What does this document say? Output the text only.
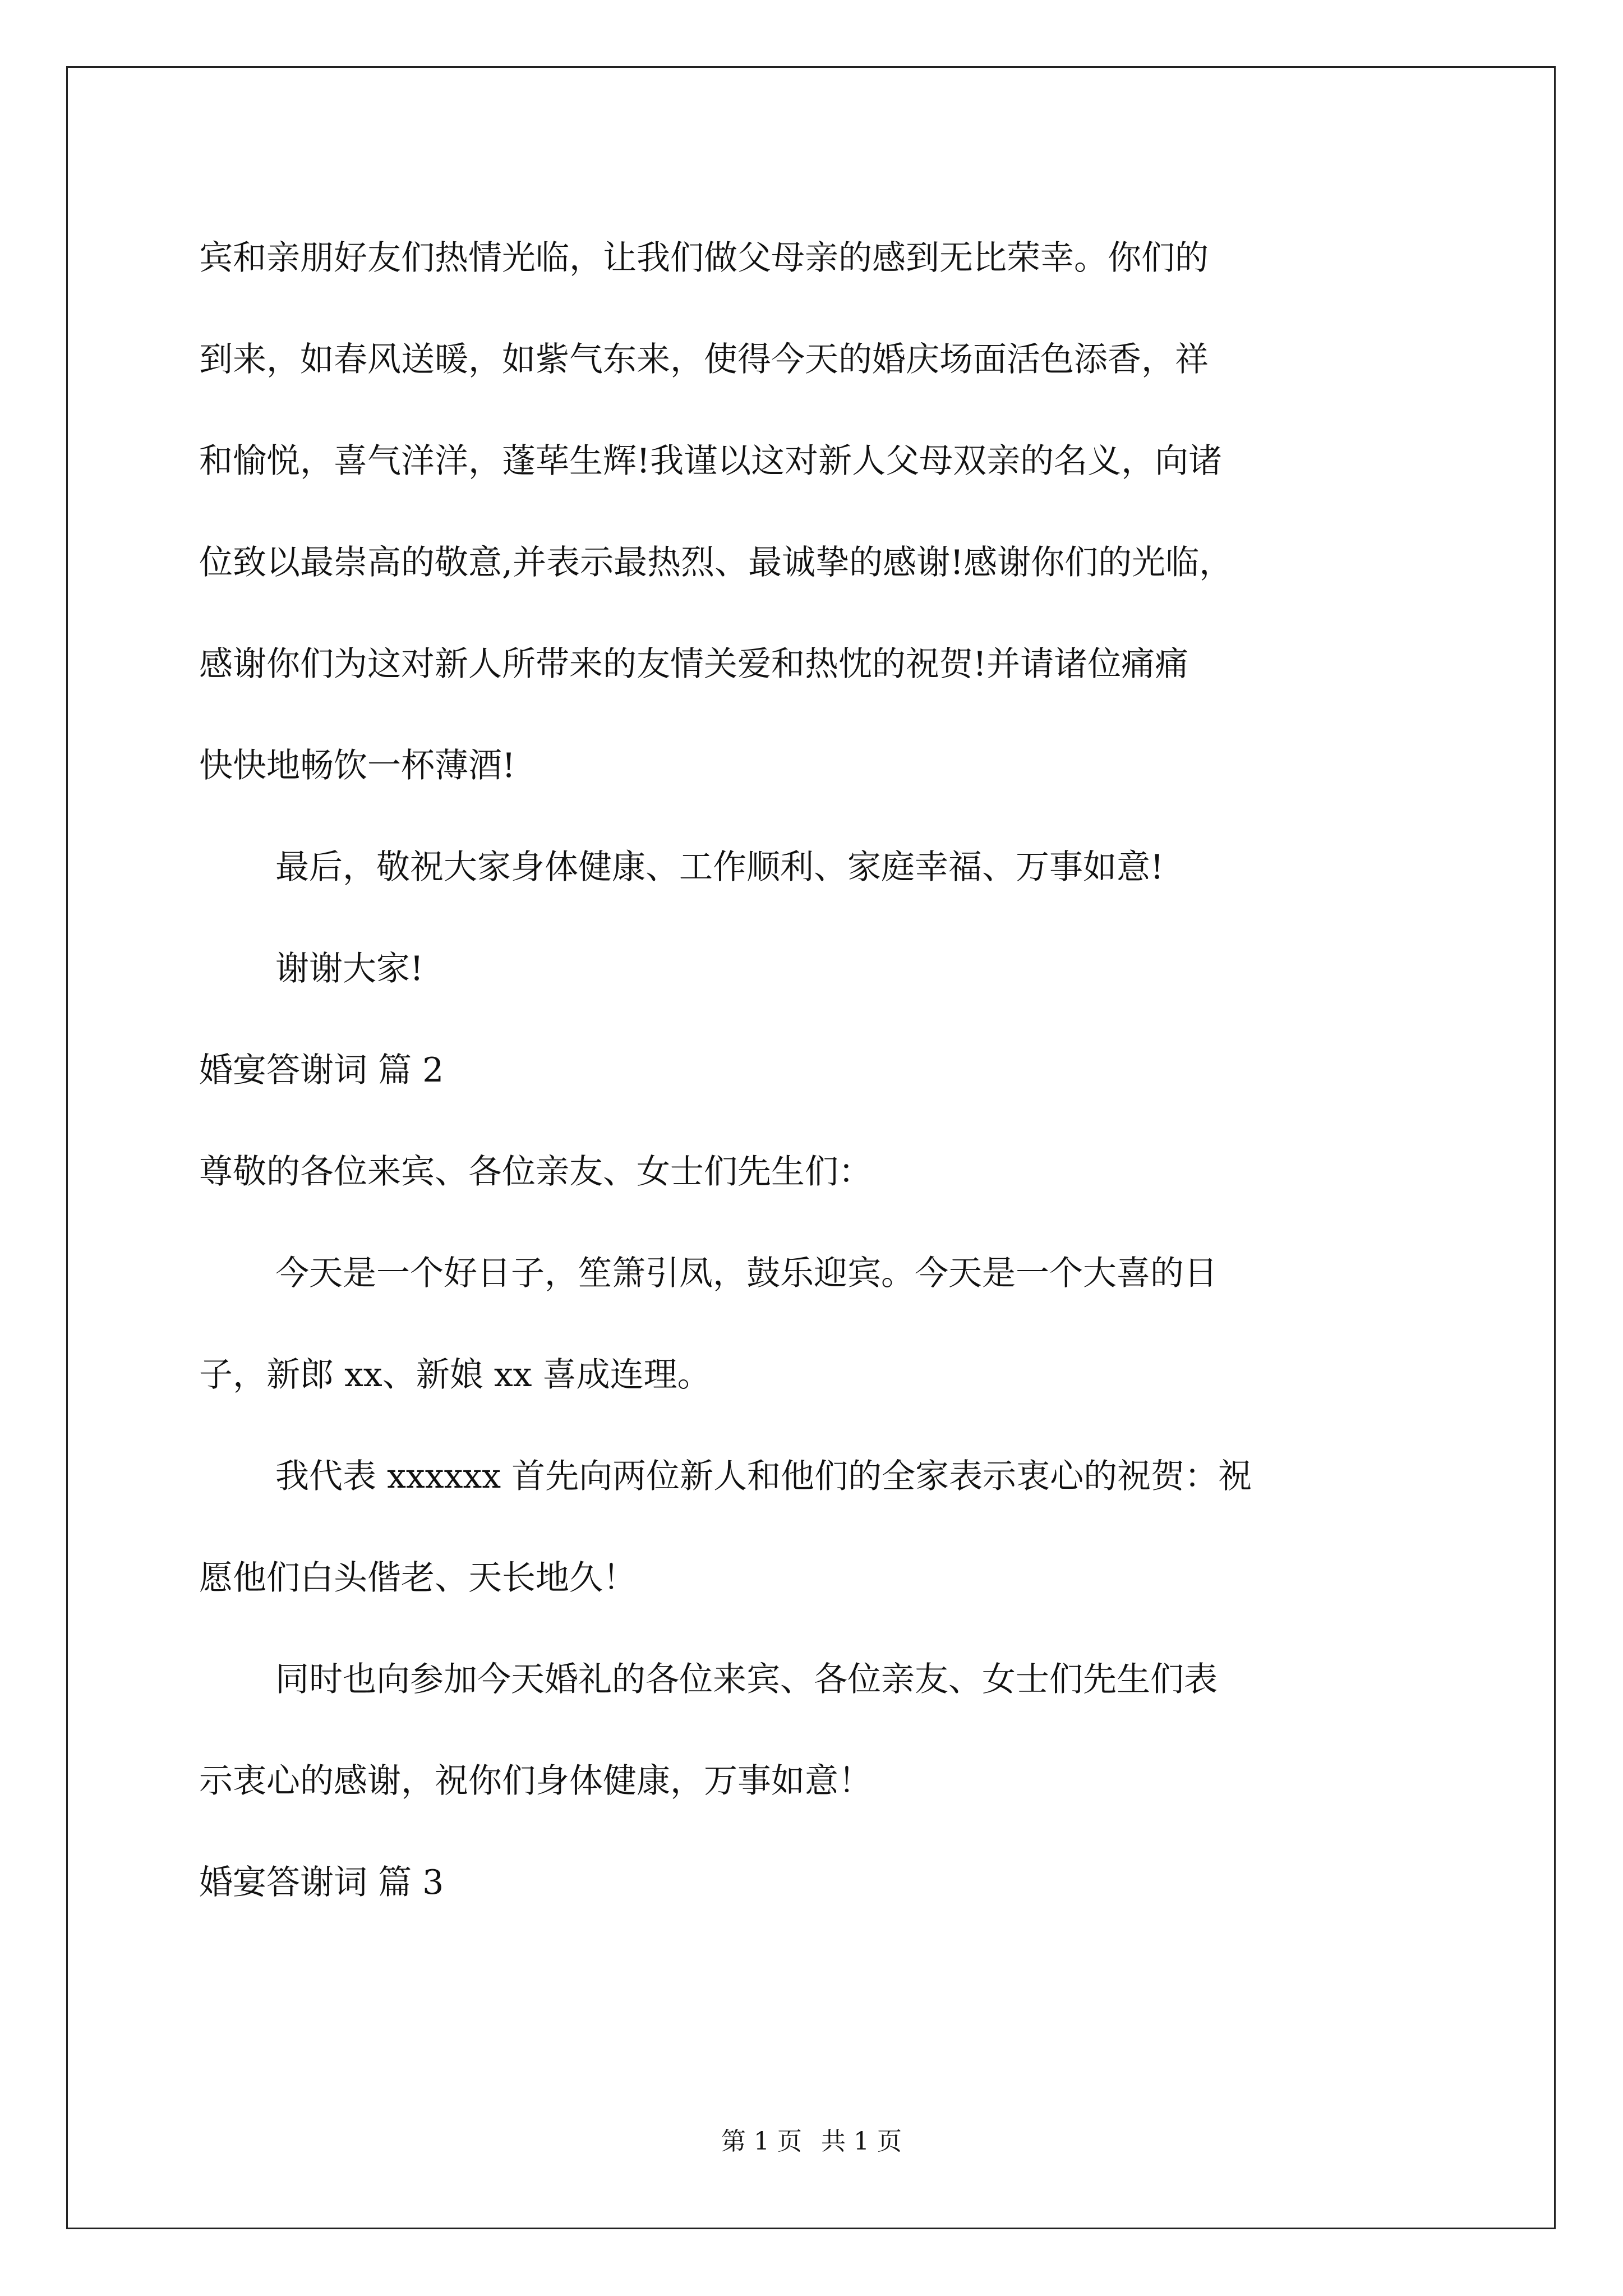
宾和亲朋好友们热情光临，让我们做父母亲的感到无比荣幸。你们的
到来，如春风送暖，如紫气东来，使得今天的婚庆场面活色添香，祥
和愉悦，喜气洋洋，蓬荜生辉!我谨以这对新人父母双亲的名义，向诸
位致以最崇高的敬意,并表示最热烈、最诚挚的感谢!感谢你们的光临，
感谢你们为这对新人所带来的友情关爱和热忱的祝贺!并请诸位痛痛
快快地畅饮一杯薄酒!
最后，敬祝大家身体健康、工作顺利、家庭幸福、万事如意!
谢谢大家!
婚宴答谢词 篇 2
尊敬的各位来宾、各位亲友、女士们先生们：
今天是一个好日子，笙箫引凤，鼓乐迎宾。今天是一个大喜的日
子，新郎 xx、新娘 xx 喜成连理。
我代表 xxxxxx 首先向两位新人和他们的全家表示衷心的祝贺：祝
愿他们白头偕老、天长地久！
同时也向参加今天婚礼的各位来宾、各位亲友、女士们先生们表
示衷心的感谢，祝你们身体健康，万事如意！
婚宴答谢词 篇 3
第 1 页 共 1 页
